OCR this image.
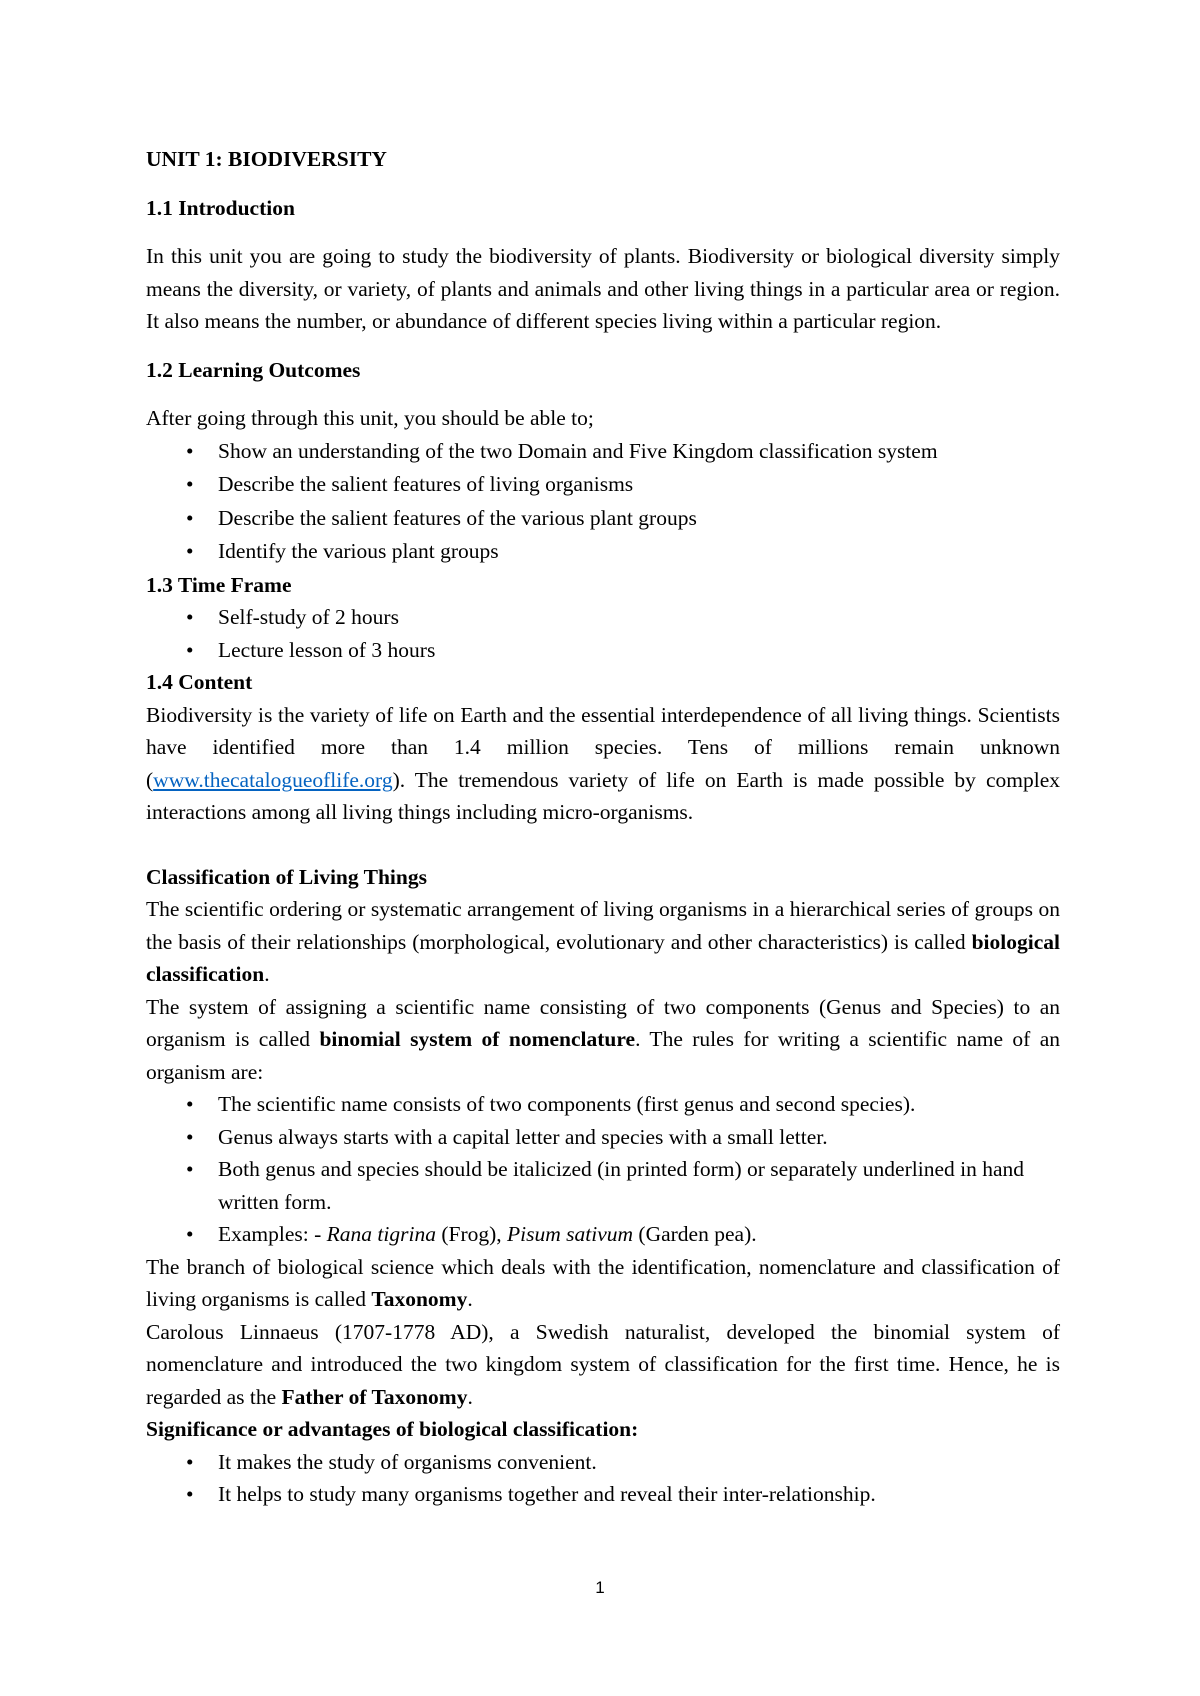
UNIT 1: BIODIVERSITY

1.1 Introduction

In this unit you are going to study the biodiversity of plants. Biodiversity or biological diversity simply means the diversity, or variety, of plants and animals and other living things in a particular area or region. It also means the number, or abundance of different species living within a particular region.

1.2 Learning Outcomes

After going through this unit, you should be able to;

• Show an understanding of the two Domain and Five Kingdom classification system
• Describe the salient features of living organisms
• Describe the salient features of the various plant groups
• Identify the various plant groups

1.3 Time Frame

• Self-study of 2 hours
• Lecture lesson of 3 hours

1.4 Content

Biodiversity is the variety of life on Earth and the essential interdependence of all living things. Scientists have identified more than 1.4 million species. Tens of millions remain unknown (www.thecatalogueoflife.org). The tremendous variety of life on Earth is made possible by complex interactions among all living things including micro-organisms.

Classification of Living Things

The scientific ordering or systematic arrangement of living organisms in a hierarchical series of groups on the basis of their relationships (morphological, evolutionary and other characteristics) is called biological classification.

The system of assigning a scientific name consisting of two components (Genus and Species) to an organism is called binomial system of nomenclature. The rules for writing a scientific name of an organism are:

• The scientific name consists of two components (first genus and second species).
• Genus always starts with a capital letter and species with a small letter.
• Both genus and species should be italicized (in printed form) or separately underlined in hand written form.
• Examples: - Rana tigrina (Frog), Pisum sativum (Garden pea).

The branch of biological science which deals with the identification, nomenclature and classification of living organisms is called Taxonomy.

Carolous Linnaeus (1707-1778 AD), a Swedish naturalist, developed the binomial system of nomenclature and introduced the two kingdom system of classification for the first time. Hence, he is regarded as the Father of Taxonomy.

Significance or advantages of biological classification:

• It makes the study of organisms convenient.
• It helps to study many organisms together and reveal their inter-relationship.
1
